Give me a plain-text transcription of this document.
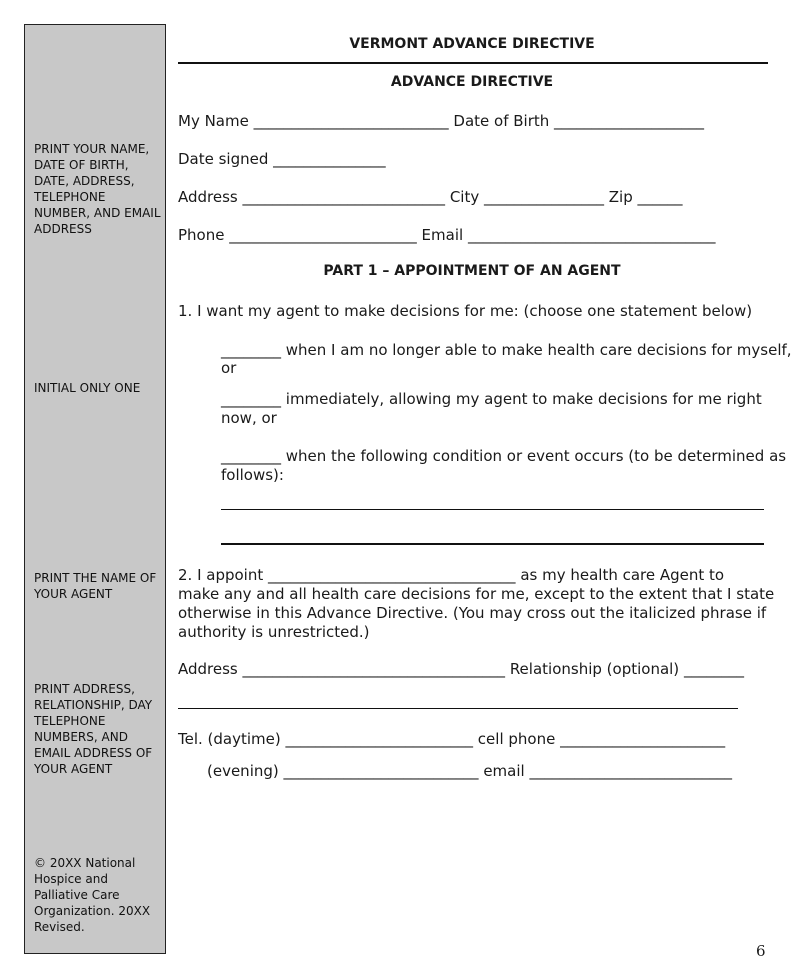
PRINT YOUR NAME, DATE OF BIRTH, DATE, ADDRESS, TELEPHONE NUMBER, AND EMAIL ADDRESS
INITIAL ONLY ONE
PRINT THE NAME OF YOUR AGENT
PRINT ADDRESS, RELATIONSHIP, DAY TELEPHONE NUMBERS, AND EMAIL ADDRESS OF YOUR AGENT
© 20XX National Hospice and Palliative Care Organization. 20XX Revised.
VERMONT ADVANCE DIRECTIVE
ADVANCE DIRECTIVE
My Name __________________________ Date of Birth ____________________
Date signed _______________
Address ___________________________ City ________________ Zip ______
Phone _________________________ Email _________________________________
PART 1 – APPOINTMENT OF AN AGENT
1. I want my agent to make decisions for me: (choose one statement below)
________ when I am no longer able to make health care decisions for myself,
or
________ immediately, allowing my agent to make decisions for me right
now, or
________ when the following condition or event occurs (to be determined as
follows):
2. I appoint _________________________________ as my health care Agent to
make any and all health care decisions for me, except to the extent that I state
otherwise in this Advance Directive. (You may cross out the italicized phrase if
authority is unrestricted.)
Address ___________________________________ Relationship (optional) ________
Tel. (daytime) _________________________ cell phone ______________________
(evening) __________________________ email ___________________________
6
